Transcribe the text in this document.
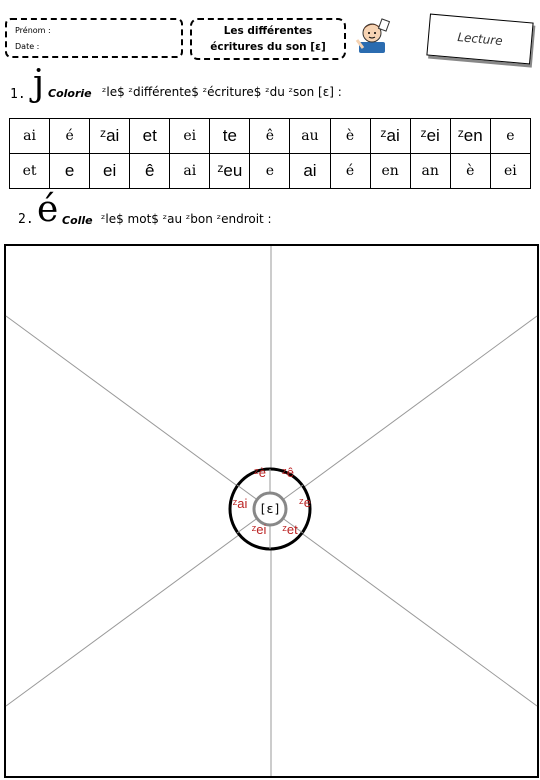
Prénom :
Date :
Les différentes
écritures du son [ɛ]	Lecture
1. j Colorie ᶻle$ ᶻdifférente$ ᶻécriture$ ᶻdu ᶻson [ɛ] :
ai	é	ᶻai	et	ei	te	ê	au	è	ᶻai	ᶻei	ᶻen	e
et	e	ei	ê	ai	ᶻeu	e	ai	é	en	an	è	ei
2. é Colle ᶻle$ mot$ ᶻau ᶻbon ᶻendroit :
[ɛ]
ᶻè ᶻê
ᶻe
ᶻet
ᶻei
ᶻai
